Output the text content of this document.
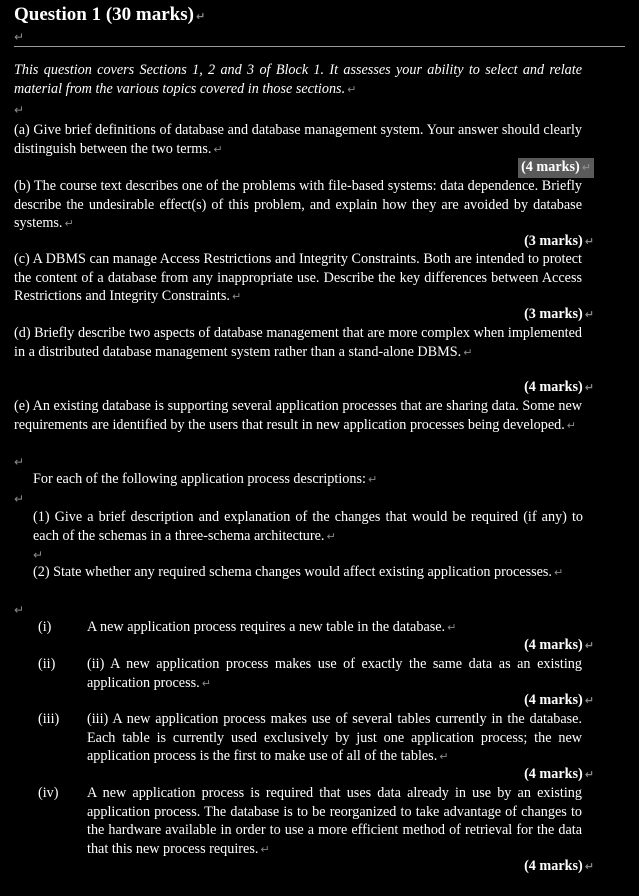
Question 1 (30 marks) ↵
↵
This question covers Sections 1, 2 and 3 of Block 1. It assesses your ability to select and relate material from the various topics covered in those sections. ↵
↵
(a) Give brief definitions of database and database management system. Your answer should clearly distinguish between the two terms. ↵
(4 marks) ↵
(b) The course text describes one of the problems with file-based systems: data dependence. Briefly describe the undesirable effect(s) of this problem, and explain how they are avoided by database systems. ↵
(3 marks) ↵
(c) A DBMS can manage Access Restrictions and Integrity Constraints. Both are intended to protect the content of a database from any inappropriate use. Describe the key differences between Access Restrictions and Integrity Constraints. ↵
(3 marks) ↵
(d) Briefly describe two aspects of database management that are more complex when implemented in a distributed database management system rather than a stand-alone DBMS. ↵
(4 marks) ↵
(e) An existing database is supporting several application processes that are sharing data. Some new requirements are identified by the users that result in new application processes being developed. ↵
↵
For each of the following application process descriptions: ↵
↵
(1) Give a brief description and explanation of the changes that would be required (if any) to each of the schemas in a three-schema architecture. ↵
↵
(2) State whether any required schema changes would affect existing application processes. ↵
↵
(i)	A new application process requires a new table in the database. ↵
(4 marks) ↵
(ii) (ii) A new application process makes use of exactly the same data as an existing application process. ↵
(4 marks) ↵
(iii) (iii) A new application process makes use of several tables currently in the database. Each table is currently used exclusively by just one application process; the new application process is the first to make use of all of the tables. ↵
(4 marks) ↵
(iv) A new application process is required that uses data already in use by an existing application process. The database is to be reorganized to take advantage of changes to the hardware available in order to use a more efficient method of retrieval for the data that this new process requires. ↵
(4 marks) ↵
